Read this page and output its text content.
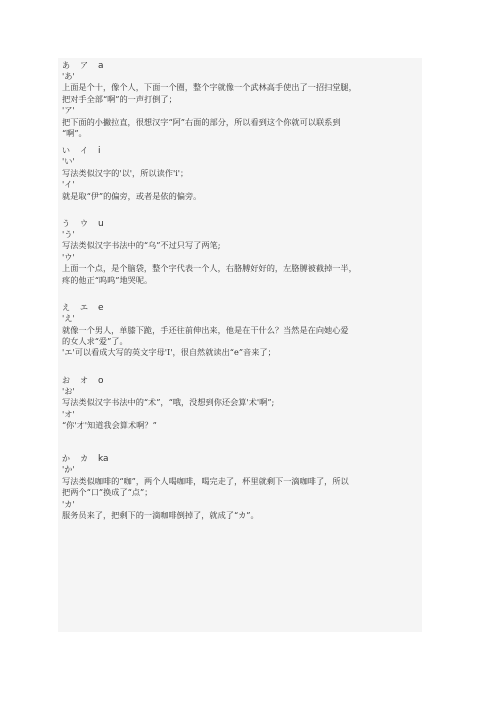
あ ア a
'あ'
上面是个十，像个人，下面一个圈，整个字就像一个武林高手使出了一招扫堂腿，
把对手全部“啊”的一声打倒了；
'ア'
把下面的小撇拉直，很想汉字“阿”右面的部分，所以看到这个你就可以联系到
“啊”。
い イ i
'い'
写法类似汉字的'以'，所以读作'i'；
'イ'
就是取“伊”的偏旁，或者是依的偏旁。
う ウ u
'う'
写法类似汉字书法中的“乌”不过只写了两笔;
'ウ'
上面一个点，是个脑袋，整个字代表一个人，右胳膊好好的，左胳膊被截掉一半，
疼的他正“呜呜”地哭呢。
え エ e
'え'
就像一个男人，单膝下跪，手还往前伸出来，他是在干什么？当然是在向她心爱
的女人求“爱”了。
'エ'可以看成大写的英文字母'I'，很自然就读出“e”音来了；
お オ o
'お'
写法类似汉字书法中的“术”，“哦，没想到你还会算'术'啊”;
'オ'
“你'才'知道我会算术啊？”
か カ ka
'か'
写法类似咖啡的“咖”，两个人喝咖啡，喝完走了，杯里就剩下一滴咖啡了，所以
把两个“口”换成了“点”；
'カ'
服务员来了，把剩下的一滴咖啡倒掉了，就成了“カ”。
